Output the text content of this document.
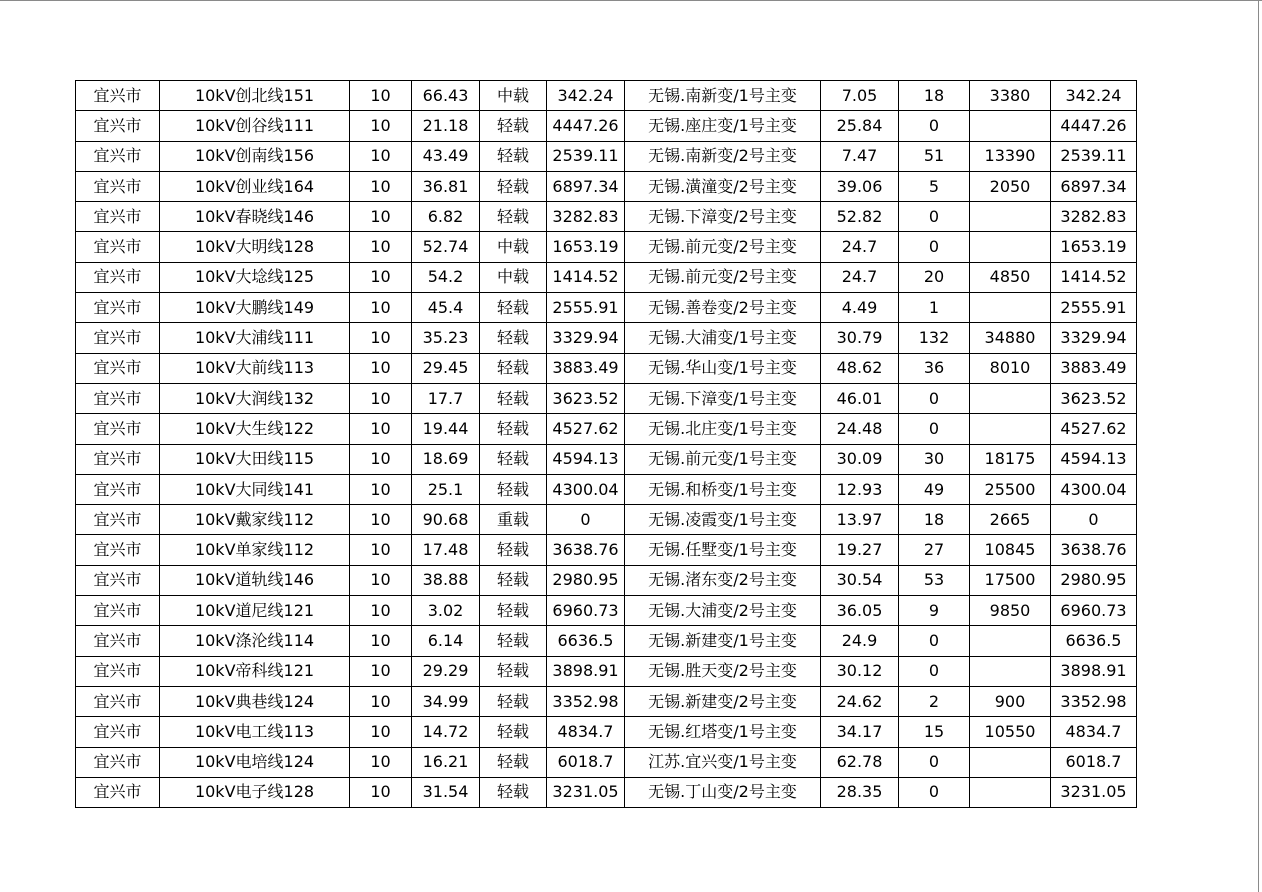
宜兴市	10kV创北线151	10	66.43	中载	342.24	无锡.南新变/1号主变	7.05	18	3380	342.24
宜兴市	10kV创谷线111	10	21.18	轻载	4447.26	无锡.座庄变/1号主变	25.84	0		4447.26
宜兴市	10kV创南线156	10	43.49	轻载	2539.11	无锡.南新变/2号主变	7.47	51	13390	2539.11
宜兴市	10kV创业线164	10	36.81	轻载	6897.34	无锡.潢潼变/2号主变	39.06	5	2050	6897.34
宜兴市	10kV春晓线146	10	6.82	轻载	3282.83	无锡.下漳变/2号主变	52.82	0		3282.83
宜兴市	10kV大明线128	10	52.74	中载	1653.19	无锡.前元变/2号主变	24.7	0		1653.19
宜兴市	10kV大埝线125	10	54.2	中载	1414.52	无锡.前元变/2号主变	24.7	20	4850	1414.52
宜兴市	10kV大鹏线149	10	45.4	轻载	2555.91	无锡.善卷变/2号主变	4.49	1		2555.91
宜兴市	10kV大浦线111	10	35.23	轻载	3329.94	无锡.大浦变/1号主变	30.79	132	34880	3329.94
宜兴市	10kV大前线113	10	29.45	轻载	3883.49	无锡.华山变/1号主变	48.62	36	8010	3883.49
宜兴市	10kV大润线132	10	17.7	轻载	3623.52	无锡.下漳变/1号主变	46.01	0		3623.52
宜兴市	10kV大生线122	10	19.44	轻载	4527.62	无锡.北庄变/1号主变	24.48	0		4527.62
宜兴市	10kV大田线115	10	18.69	轻载	4594.13	无锡.前元变/1号主变	30.09	30	18175	4594.13
宜兴市	10kV大同线141	10	25.1	轻载	4300.04	无锡.和桥变/1号主变	12.93	49	25500	4300.04
宜兴市	10kV戴家线112	10	90.68	重载	0	无锡.凌霞变/1号主变	13.97	18	2665	0
宜兴市	10kV单家线112	10	17.48	轻载	3638.76	无锡.任墅变/1号主变	19.27	27	10845	3638.76
宜兴市	10kV道轨线146	10	38.88	轻载	2980.95	无锡.渚东变/2号主变	30.54	53	17500	2980.95
宜兴市	10kV道尼线121	10	3.02	轻载	6960.73	无锡.大浦变/2号主变	36.05	9	9850	6960.73
宜兴市	10kV涤沦线114	10	6.14	轻载	6636.5	无锡.新建变/1号主变	24.9	0		6636.5
宜兴市	10kV帝科线121	10	29.29	轻载	3898.91	无锡.胜天变/2号主变	30.12	0		3898.91
宜兴市	10kV典巷线124	10	34.99	轻载	3352.98	无锡.新建变/2号主变	24.62	2	900	3352.98
宜兴市	10kV电工线113	10	14.72	轻载	4834.7	无锡.红塔变/1号主变	34.17	15	10550	4834.7
宜兴市	10kV电培线124	10	16.21	轻载	6018.7	江苏.宜兴变/1号主变	62.78	0		6018.7
宜兴市	10kV电子线128	10	31.54	轻载	3231.05	无锡.丁山变/2号主变	28.35	0		3231.05
